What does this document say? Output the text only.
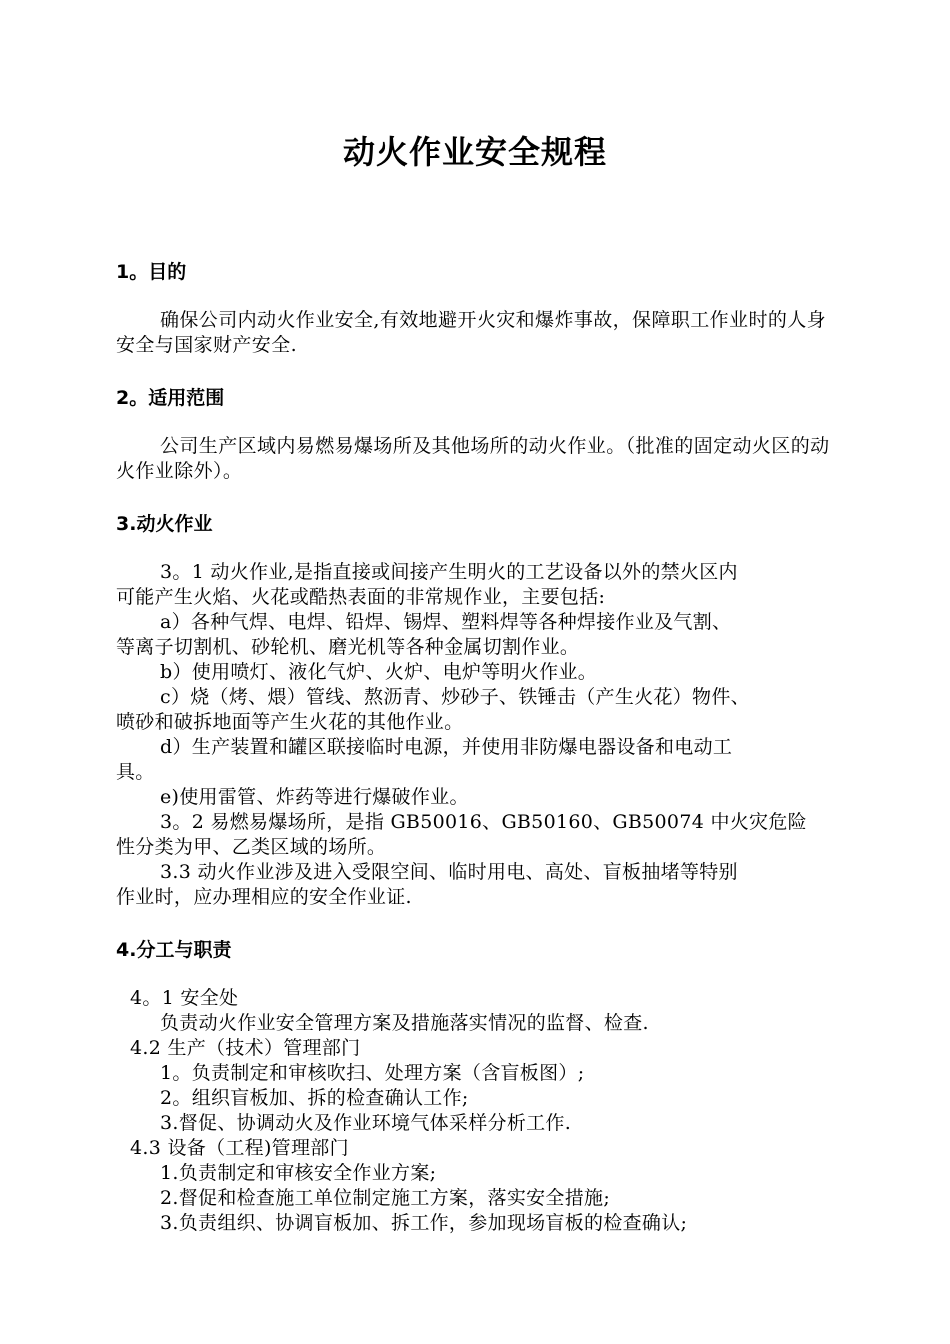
动火作业安全规程
1。目的
确保公司内动火作业安全,有效地避开火灾和爆炸事故，保障职工作业时的人身安全与国家财产安全.
2。适用范围
公司生产区域内易燃易爆场所及其他场所的动火作业。（批准的固定动火区的动火作业除外）。
3.动火作业
3。1 动火作业,是指直接或间接产生明火的工艺设备以外的禁火区内
可能产生火焰、火花或酷热表面的非常规作业，主要包括:
a）各种气焊、电焊、铅焊、锡焊、塑料焊等各种焊接作业及气割、
等离子切割机、砂轮机、磨光机等各种金属切割作业。
b）使用喷灯、液化气炉、火炉、电炉等明火作业。
c）烧（烤、煨）管线、熬沥青、炒砂子、铁锤击（产生火花）物件、
喷砂和破拆地面等产生火花的其他作业。
d）生产装置和罐区联接临时电源，并使用非防爆电器设备和电动工
具。
e)使用雷管、炸药等进行爆破作业。
3。2 易燃易爆场所，是指 GB50016、GB50160、GB50074 中火灾危险
性分类为甲、乙类区域的场所。
3.3 动火作业涉及进入受限空间、临时用电、高处、盲板抽堵等特别
作业时，应办理相应的安全作业证.
4.分工与职责
4。1 安全处
负责动火作业安全管理方案及措施落实情况的监督、检查.
4.2 生产（技术）管理部门
1。负责制定和审核吹扫、处理方案（含盲板图）;
2。组织盲板加、拆的检查确认工作;
3.督促、协调动火及作业环境气体采样分析工作.
4.3 设备（工程)管理部门
1.负责制定和审核安全作业方案;
2.督促和检查施工单位制定施工方案，落实安全措施;
3.负责组织、协调盲板加、拆工作，参加现场盲板的检查确认;
